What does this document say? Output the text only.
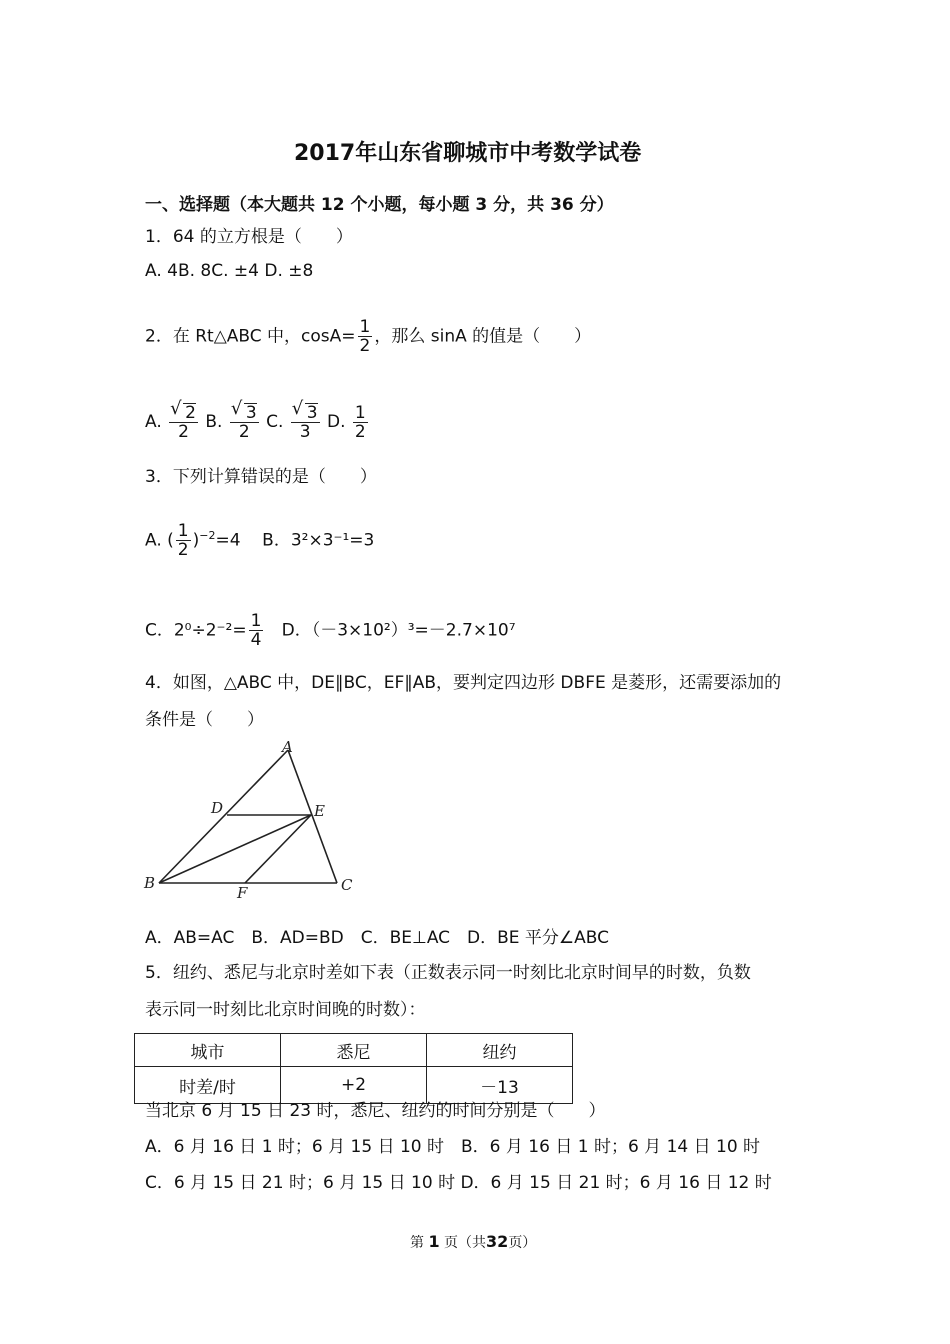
2017年山东省聊城市中考数学试卷
一、选择题（本大题共 12 个小题，每小题 3 分，共 36 分）
1．64 的立方根是（　　）
A. 4B. 8C. ±4 D. ±8
2．在 Rt△ABC 中，$\cos A= \frac{1}{2}$ ，那么 sinA 的值是（　　）
A. √ $\frac{2}{2} B$. √ $\frac{3}{2} C$. √ $\frac{3}{3} D$. $\frac{1}{2}$
3．下列计算错误的是（　　）
A. ( $\frac{1}{2} )^{-2}=4$ B．3²×3⁻¹=3
C．$2^0\div 2^{-2}= \frac{1}{4}$ D．（－3×10²）³=－2.7×10⁷
4．如图，△ABC 中，DE∥BC，EF∥AB，要判定四边形 DBFE 是菱形，还需要添加的
条件是（　　）
A
D	E
B
F	C
A．AB=AC　B．AD=BD　C．BE⊥AC　D．BE 平分∠ABC
5．纽约、悉尼与北京时差如下表（正数表示同一时刻比北京时间早的时数，负数
表示同一时刻比北京时间晚的时数）：
城市	悉尼	纽约
时差/时	+2	－13
当北京 6 月 15 日 23 时，悉尼、纽约的时间分别是（　　）
A．6 月 16 日 1 时；6 月 15 日 10 时　B．6 月 16 日 1 时；6 月 14 日 10 时
C．6 月 15 日 21 时；6 月 15 日 10 时 D．6 月 15 日 21 时；6 月 16 日 12 时
第 1 页（共32页）
